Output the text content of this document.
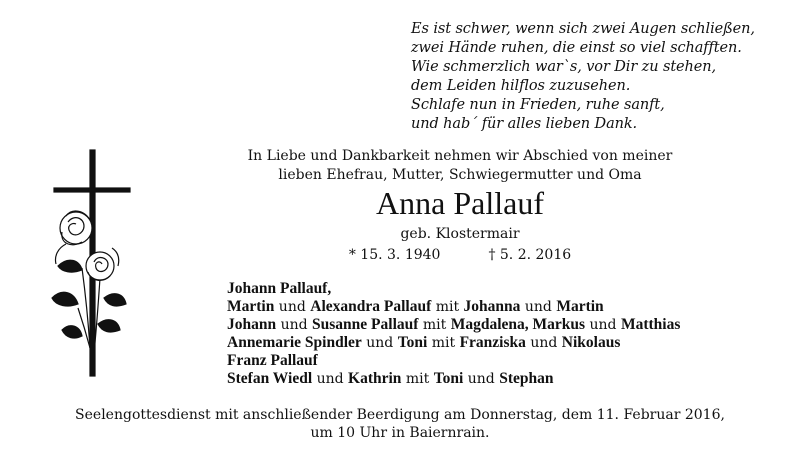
Es ist schwer, wenn sich zwei Augen schließen,
zwei Hände ruhen, die einst so viel schafften.
Wie schmerzlich war`s, vor Dir zu stehen,
dem Leiden hilflos zuzusehen.
Schlafe nun in Frieden, ruhe sanft,
und hab´ für alles lieben Dank.
In Liebe und Dankbarkeit nehmen wir Abschied von meiner
lieben Ehefrau, Mutter, Schwiegermutter und Oma
Anna Pallauf
geb. Klostermair
* 15. 3. 1940	† 5. 2. 2016
Johann Pallauf,
Martin und Alexandra Pallauf mit Johanna und Martin
Johann und Susanne Pallauf mit Magdalena, Markus und Matthias
Annemarie Spindler und Toni mit Franziska und Nikolaus
Franz Pallauf
Stefan Wiedl und Kathrin mit Toni und Stephan
Seelengottesdienst mit anschließender Beerdigung am Donnerstag, dem 11. Februar 2016,
um 10 Uhr in Baiernrain.
